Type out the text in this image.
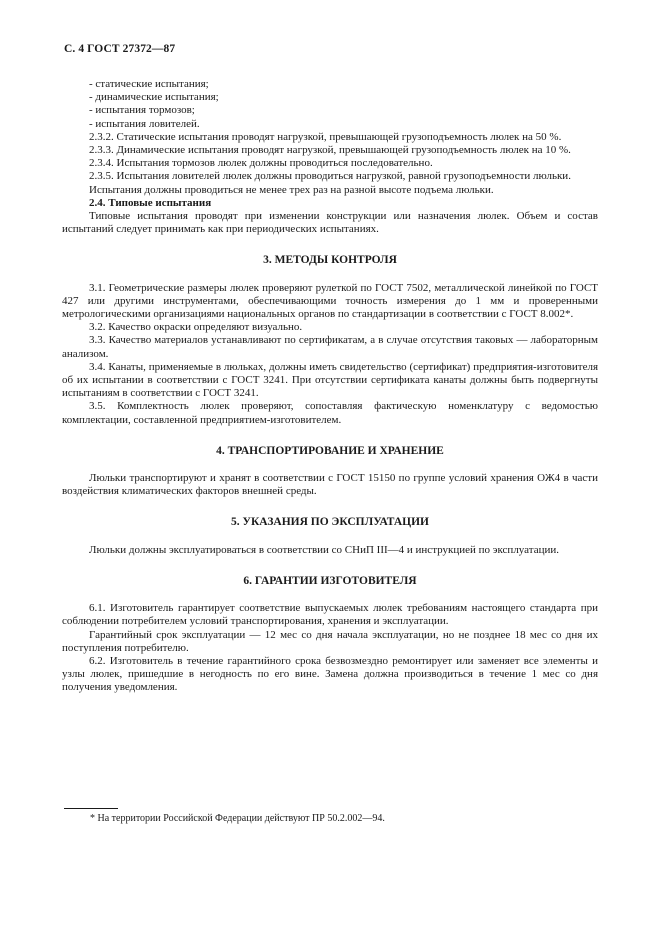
С. 4 ГОСТ 27372—87

- статические испытания;

- динамические испытания;

- испытания тормозов;

- испытания ловителей.

2.3.2. Статические испытания проводят нагрузкой, превышающей грузоподъемность люлек на 50 %.

2.3.3. Динамические испытания проводят нагрузкой, превышающей грузоподъемность люлек на 10 %.

2.3.4. Испытания тормозов люлек должны проводиться последовательно.

2.3.5. Испытания ловителей люлек должны проводиться нагрузкой, равной грузоподъемности люльки.

Испытания должны проводиться не менее трех раз на разной высоте подъема люльки.

2.4. Типовые испытания

Типовые испытания проводят при изменении конструкции или назначения люлек. Объем и состав испытаний следует принимать как при периодических испытаниях.

3. МЕТОДЫ КОНТРОЛЯ

3.1. Геометрические размеры люлек проверяют рулеткой по ГОСТ 7502, металлической линейкой по ГОСТ 427 или другими инструментами, обеспечивающими точность измерения до 1 мм и проверенными метрологическими организациями национальных органов по стандартизации в соответствии с ГОСТ 8.002*.

3.2. Качество окраски определяют визуально.

3.3. Качество материалов устанавливают по сертификатам, а в случае отсутствия таковых — лабораторным анализом.

3.4. Канаты, применяемые в люльках, должны иметь свидетельство (сертификат) предприятия-изготовителя об их испытании в соответствии с ГОСТ 3241. При отсутствии сертификата канаты должны быть подвергнуты испытаниям в соответствии с ГОСТ 3241.

3.5. Комплектность люлек проверяют, сопоставляя фактическую номенклатуру с ведомостью комплектации, составленной предприятием-изготовителем.

4. ТРАНСПОРТИРОВАНИЕ И ХРАНЕНИЕ

Люльки транспортируют и хранят в соответствии с ГОСТ 15150 по группе условий хранения ОЖ4 в части воздействия климатических факторов внешней среды.

5. УКАЗАНИЯ ПО ЭКСПЛУАТАЦИИ

Люльки должны эксплуатироваться в соответствии со СНиП III—4 и инструкцией по эксплуатации.

6. ГАРАНТИИ ИЗГОТОВИТЕЛЯ

6.1. Изготовитель гарантирует соответствие выпускаемых люлек требованиям настоящего стандарта при соблюдении потребителем условий транспортирования, хранения и эксплуатации.

Гарантийный срок эксплуатации — 12 мес со дня начала эксплуатации, но не позднее 18 мес со дня их поступления потребителю.

6.2. Изготовитель в течение гарантийного срока безвозмездно ремонтирует или заменяет все элементы и узлы люлек, пришедшие в негодность по его вине. Замена должна производиться в течение 1 мес со дня получения уведомления.

* На территории Российской Федерации действуют ПР 50.2.002—94.
